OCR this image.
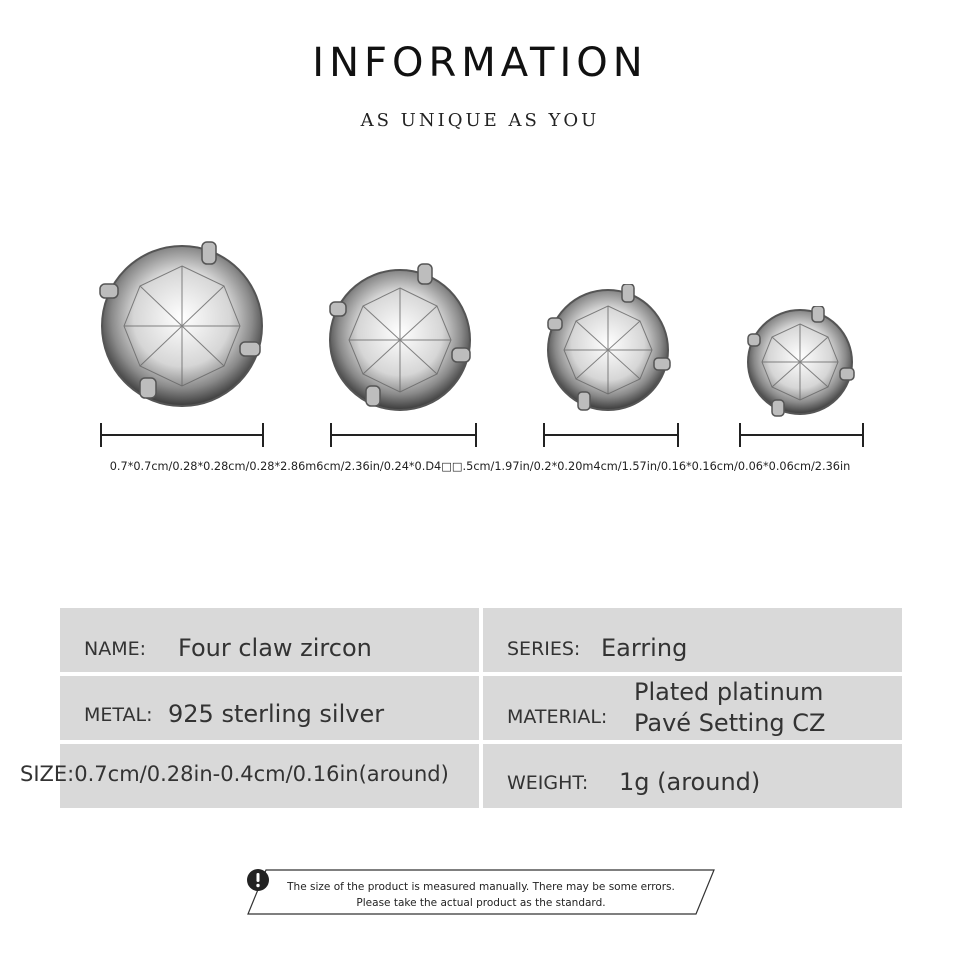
INFORMATION
AS UNIQUE AS YOU
0.7*0.7cm/0.28*0.28cm/0.28*2.86m6cm/2.36in/0.24*0.D4□□.5cm/1.97in/0.2*0.20m4cm/1.57in/0.16*0.16cm/0.06*0.06cm/2.36in
NAME: Four claw zircon	SERIES: Earring
METAL: 925 sterling silver	MATERIAL:
Plated platinum
Pavé Setting CZ
SIZE:0.7cm/0.28in-0.4cm/0.16in(around)	WEIGHT: 1g (around)
The size of the product is measured manually. There may be some errors.
Please take the actual product as the standard.
